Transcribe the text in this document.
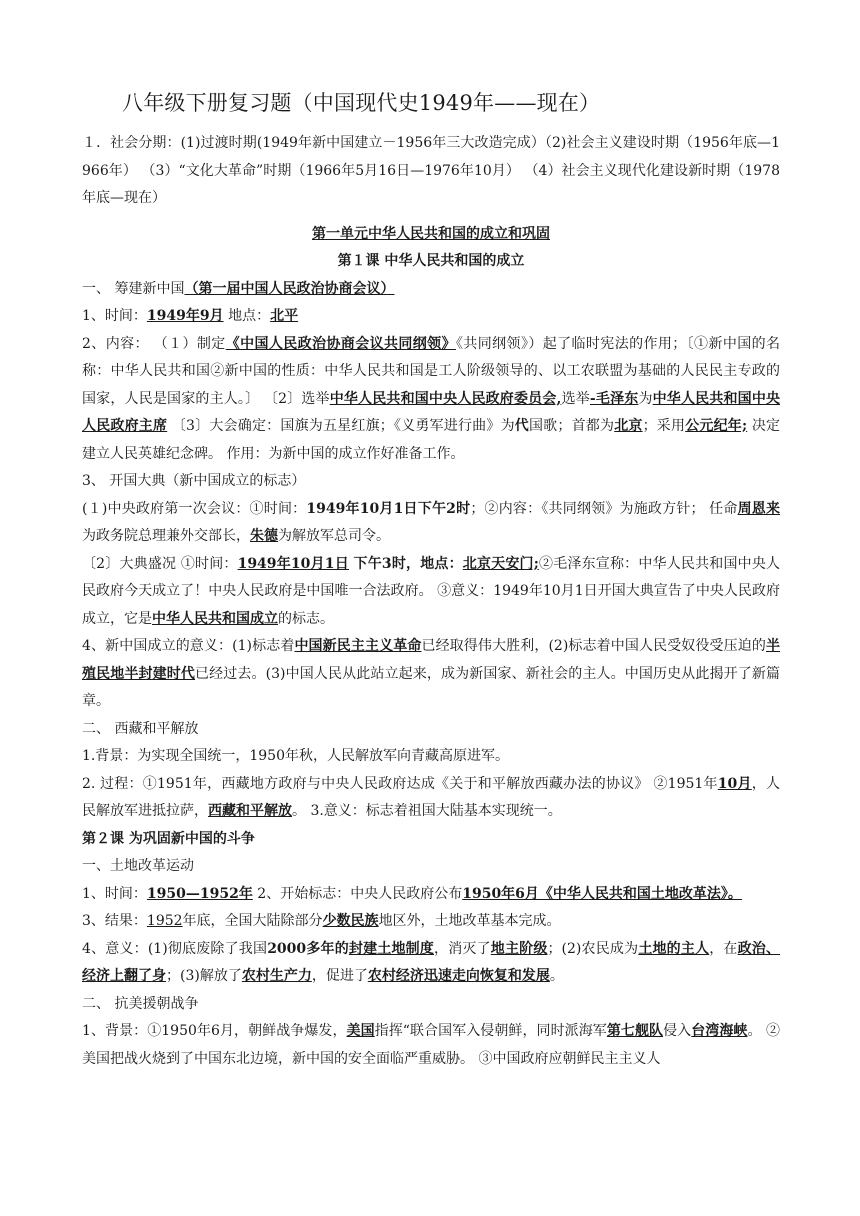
八年级下册复习题（中国现代史1949年——现在）

１．社会分期：(1)过渡时期(1949年新中国建立－1956年三大改造完成）（2)社会主义建设时期（1956年底—1966年） （3）“文化大革命”时期（1966年5月16日—1976年10月） （4）社会主义现代化建设新时期（1978年底—现在）

第一单元中华人民共和国的成立和巩固

第１课 中华人民共和国的成立

一、 筹建新中国（第一届中国人民政治协商会议）

1、时间：1949年9月 地点：北平

2、内容： （１）制定《中国人民政治协商会议共同纲领》《共同纲领》）起了临时宪法的作用；〔①新中国的名称：中华人民共和国②新中国的性质：中华人民共和国是工人阶级领导的、以工农联盟为基础的人民民主专政的国家，人民是国家的主人。〕 〔2〕选举中华人民共和国中央人民政府委员会,选举-毛泽东为中华人民共和国中央人民政府主席 〔3〕大会确定：国旗为五星红旗；《义勇军进行曲》为代国歌；首都为北京；采用公元纪年; 决定建立人民英雄纪念碑。 作用：为新中国的成立作好准备工作。

3、 开国大典（新中国成立的标志）

(１)中央政府第一次会议：①时间：1949年10月1日下午2时；②内容：《共同纲领》为施政方针； 任命周恩来为政务院总理兼外交部长，朱德为解放军总司令。

〔2〕大典盛况 ①时间：1949年10月1日 下午3时，地点：北京天安门;②毛泽东宣称：中华人民共和国中央人民政府今天成立了！中央人民政府是中国唯一合法政府。 ③意义：1949年10月1日开国大典宣告了中央人民政府成立，它是中华人民共和国成立的标志。

4、新中国成立的意义：(1)标志着中国新民主主义革命已经取得伟大胜利，(2)标志着中国人民受奴役受压迫的半殖民地半封建时代已经过去。(3)中国人民从此站立起来，成为新国家、新社会的主人。中国历史从此揭开了新篇章。

二、 西藏和平解放

1.背景：为实现全国统一，1950年秋，人民解放军向青藏高原进军。

2. 过程：①1951年，西藏地方政府与中央人民政府达成《关于和平解放西藏办法的协议》 ②1951年10月，人民解放军进抵拉萨，西藏和平解放。 3.意义：标志着祖国大陆基本实现统一。

第２课 为巩固新中国的斗争

一、土地改革运动

1、时间：1950—1952年 2、开始标志：中央人民政府公布1950年6月《中华人民共和国土地改革法》。

3、结果：1952年底，全国大陆除部分少数民族地区外，土地改革基本完成。

4、意义：(1)彻底废除了我国2000多年的封建土地制度，消灭了地主阶级；(2)农民成为土地的主人，在政治、经济上翻了身；(3)解放了农村生产力，促进了农村经济迅速走向恢复和发展。

二、 抗美援朝战争

1、背景：①1950年6月，朝鲜战争爆发，美国指挥“联合国军入侵朝鲜，同时派海军第七舰队侵入台湾海峡。 ②美国把战火烧到了中国东北边境，新中国的安全面临严重威胁。 ③中国政府应朝鲜民主主义人
